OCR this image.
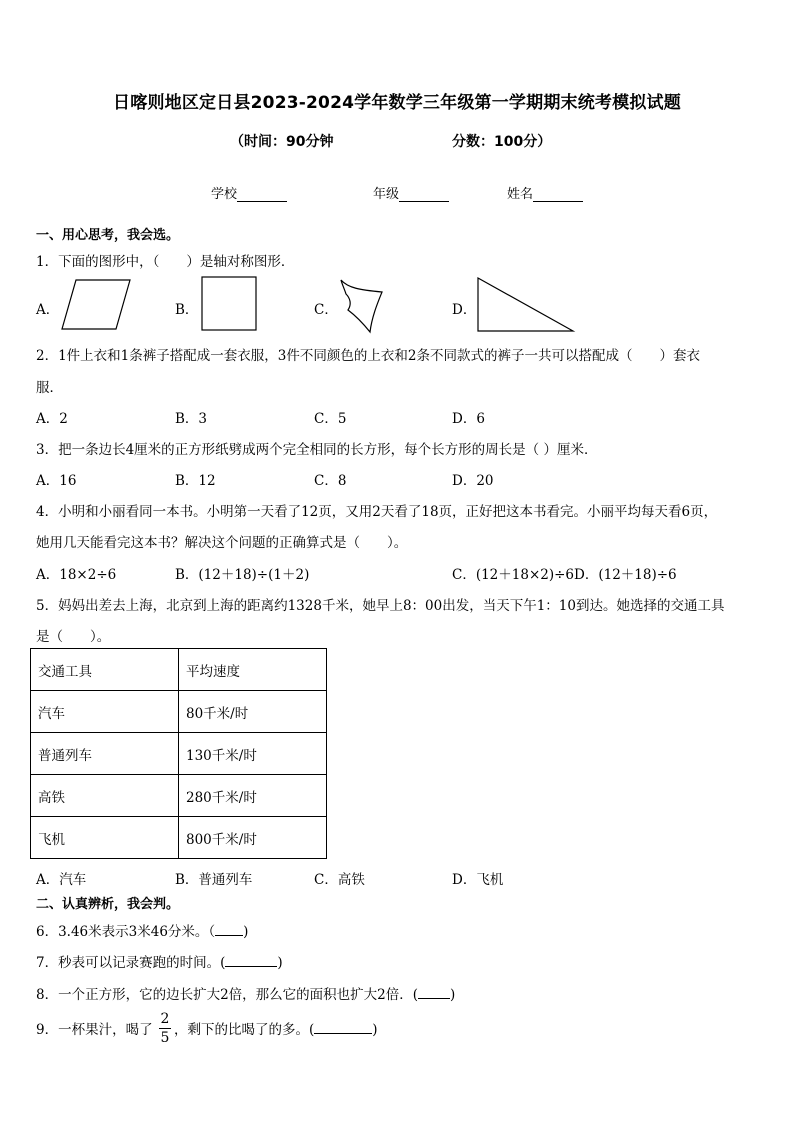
日喀则地区定日县2023-2024学年数学三年级第一学期期末统考模拟试题
（时间：90分钟	分数：100分）
学校	年级	姓名
一、用心思考，我会选。
1．下面的图形中，（　　）是轴对称图形．
A．	B．	C．	D．
2．1件上衣和1条裤子搭配成一套衣服，3件不同颜色的上衣和2条不同款式的裤子一共可以搭配成（　　）套衣
服．
A．2	B．3	C．5	D．6
3．把一条边长4厘米的正方形纸劈成两个完全相同的长方形，每个长方形的周长是（ ）厘米．
A．16	B．12	C．8	D．20
4．小明和小丽看同一本书。小明第一天看了12页，又用2天看了18页，正好把这本书看完。小丽平均每天看6页，
她用几天能看完这本书？解决这个问题的正确算式是（　　）。
A．18×2÷6	B．(12＋18)÷(1＋2)	C．(12＋18×2)÷6D．(12＋18)÷6
5．妈妈出差去上海，北京到上海的距离约1328千米，她早上8：00出发，当天下午1：10到达。她选择的交通工具
是（　　）。
交通工具	平均速度
汽车	80千米/时
普通列车	130千米/时
高铁	280千米/时
飞机	800千米/时
A．汽车	B．普通列车	C．高铁	D．飞机
二、认真辨析，我会判。
6．3.46米表示3米46分米。（ )
7．秒表可以记录赛跑的时间。(	)
8．一个正方形，它的边长扩大2倍，那么它的面积也扩大2倍．( )
9．一杯果汁，喝了
2
5 ，剩下的比喝了的多。(	)
